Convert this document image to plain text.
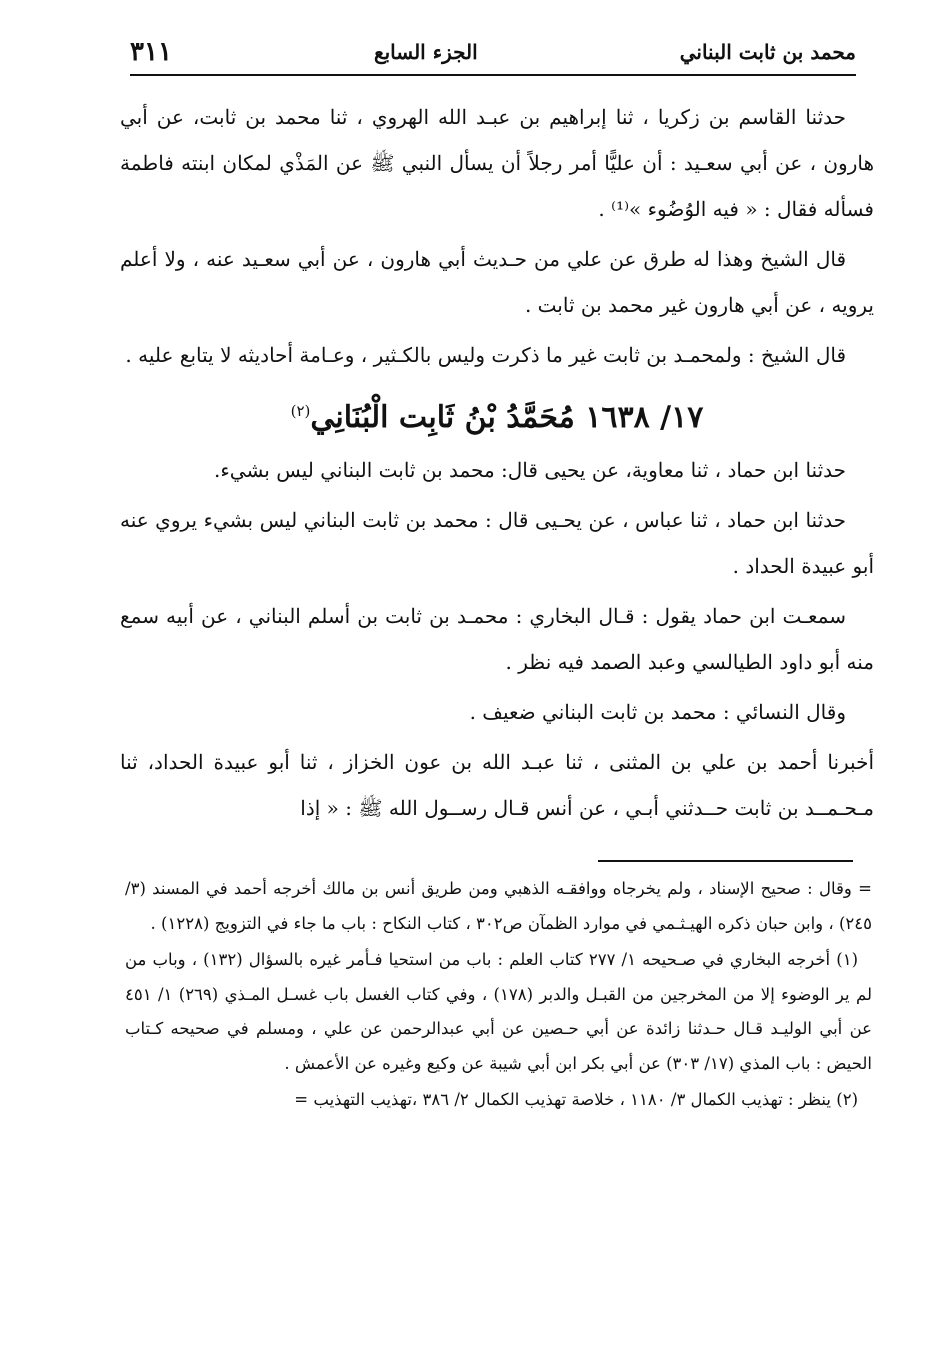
محمد بن ثابت البناني
الجزء السابع
٣١١

حدثنا القاسم بن زكريا ، ثنا إبراهيم بن عبـد الله الهروي ، ثنا محمد بن ثابت، عن أبي هارون ، عن أبي سعـيد : أن عليًّا أمر رجلاً أن يسأل النبي ﷺ عن المَذْي لمكان ابنته فاطمة فسأله فقال : « فيه الوُضُوء »⁽¹⁾ .

قال الشيخ وهذا له طرق عن علي من حـديث أبي هارون ، عن أبي سعـيد عنه ، ولا أعلم يرويه ، عن أبي هارون غير محمد بن ثابت .

قال الشيخ : ولمحمـد بن ثابت غير ما ذكرت وليس بالكـثير ، وعـامة أحاديثه لا يتابع عليه .

١٧/ ١٦٣٨ مُحَمَّدُ بْنُ ثَابِت الْبُنَانِي$^{(٢)}$

حدثنا ابن حماد ، ثنا معاوية، عن يحيى قال: محمد بن ثابت البناني ليس بشيء.

حدثنا ابن حماد ، ثنا عباس ، عن يحـيى قال : محمد بن ثابت البناني ليس بشيء يروي عنه أبو عبيدة الحداد .

سمعـت ابن حماد يقول : قـال البخاري : محمـد بن ثابت بن أسلم البناني ، عن أبيه سمع منه أبو داود الطيالسي وعبد الصمد فيه نظر .

وقال النسائي : محمد بن ثابت البناني ضعيف .

أخبرنا أحمد بن علي بن المثنى ، ثنا عبـد الله بن عون الخزاز ، ثنا أبو عبيدة الحداد، ثنا مـحـمــد بن ثابت حــدثني أبـي ، عن أنس قـال رســول الله ﷺ : « إذا

= وقال : صحيح الإسناد ، ولم يخرجاه ووافقـه الذهبي ومن طريق أنس بن مالك أخرجه أحمد في المسند (٣/ ٢٤٥) ، وابن حبان ذكره الهيـثـمي في موارد الظمآن ص٣٠٢ ، كتاب النكاح : باب ما جاء في التزويج (١٢٢٨) .

(١) أخرجه البخاري في صـحيحه ١/ ٢٧٧ كتاب العلم : باب من استحيا فـأمر غيره بالسؤال (١٣٢) ، وباب من لم ير الوضوء إلا من المخرجين من القبـل والدبر (١٧٨) ، وفي كتاب الغسل باب غسـل المـذي (٢٦٩) ١/ ٤٥١ عن أبي الوليـد قـال حـدثنا زائدة عن أبي حـصين عن أبي عبدالرحمن عن علي ، ومسلم في صحيحه كـتاب الحيض : باب المذي (١٧/ ٣٠٣) عن أبي بكر ابن أبي شيبة عن وكيع وغيره عن الأعمش .

(٢) ينظر : تهذيب الكمال ٣/ ١١٨٠ ، خلاصة تهذيب الكمال ٢/ ٣٨٦ ،تهذيب التهذيب =
